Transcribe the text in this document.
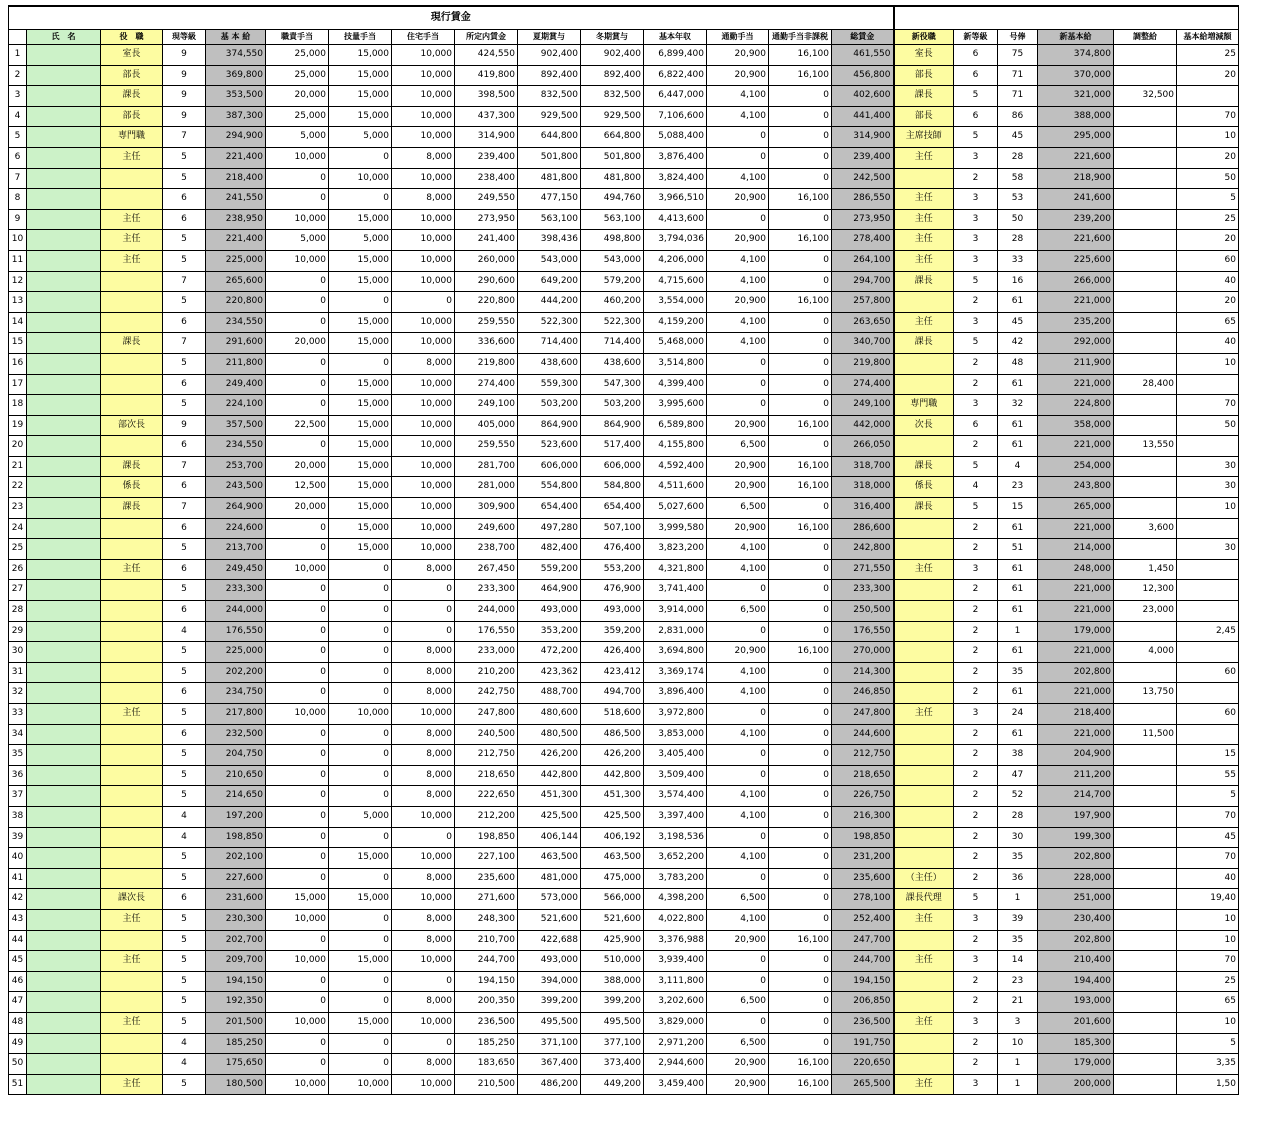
現行賃金																				
	氏　名	役　職	現等級	基 本 給	職責手当	技量手当	住宅手当	所定内賃金	夏期賞与	冬期賞与	基本年収	通勤手当	通勤手当非課税	総賃金	新役職	新等級	号俸	新基本給	調整給	基本給増減額
1		室長	9	374,550	25,000	15,000	10,000	424,550	902,400	902,400	6,899,400	20,900	16,100	461,550	室長	6	75	374,800		25
2		部長	9	369,800	25,000	15,000	10,000	419,800	892,400	892,400	6,822,400	20,900	16,100	456,800	部長	6	71	370,000		20
3		課長	9	353,500	20,000	15,000	10,000	398,500	832,500	832,500	6,447,000	4,100	0	402,600	課長	5	71	321,000	32,500	
4		部長	9	387,300	25,000	15,000	10,000	437,300	929,500	929,500	7,106,600	4,100	0	441,400	部長	6	86	388,000		70
5		専門職	7	294,900	5,000	5,000	10,000	314,900	644,800	664,800	5,088,400	0	0	314,900	主席技師	5	45	295,000		10
6		主任	5	221,400	10,000	0	8,000	239,400	501,800	501,800	3,876,400	0	0	239,400	主任	3	28	221,600		20
7			5	218,400	0	10,000	10,000	238,400	481,800	481,800	3,824,400	4,100	0	242,500		2	58	218,900		50
8			6	241,550	0	0	8,000	249,550	477,150	494,760	3,966,510	20,900	16,100	286,550	主任	3	53	241,600		5
9		主任	6	238,950	10,000	15,000	10,000	273,950	563,100	563,100	4,413,600	0	0	273,950	主任	3	50	239,200		25
10		主任	5	221,400	5,000	5,000	10,000	241,400	398,436	498,800	3,794,036	20,900	16,100	278,400	主任	3	28	221,600		20
11		主任	5	225,000	10,000	15,000	10,000	260,000	543,000	543,000	4,206,000	4,100	0	264,100	主任	3	33	225,600		60
12			7	265,600	0	15,000	10,000	290,600	649,200	579,200	4,715,600	4,100	0	294,700	課長	5	16	266,000		40
13			5	220,800	0	0	0	220,800	444,200	460,200	3,554,000	20,900	16,100	257,800		2	61	221,000		20
14			6	234,550	0	15,000	10,000	259,550	522,300	522,300	4,159,200	4,100	0	263,650	主任	3	45	235,200		65
15		課長	7	291,600	20,000	15,000	10,000	336,600	714,400	714,400	5,468,000	4,100	0	340,700	課長	5	42	292,000		40
16			5	211,800	0	0	8,000	219,800	438,600	438,600	3,514,800	0	0	219,800		2	48	211,900		10
17			6	249,400	0	15,000	10,000	274,400	559,300	547,300	4,399,400	0	0	274,400		2	61	221,000	28,400	
18			5	224,100	0	15,000	10,000	249,100	503,200	503,200	3,995,600	0	0	249,100	専門職	3	32	224,800		70
19		部次長	9	357,500	22,500	15,000	10,000	405,000	864,900	864,900	6,589,800	20,900	16,100	442,000	次長	6	61	358,000		50
20			6	234,550	0	15,000	10,000	259,550	523,600	517,400	4,155,800	6,500	0	266,050		2	61	221,000	13,550	
21		課長	7	253,700	20,000	15,000	10,000	281,700	606,000	606,000	4,592,400	20,900	16,100	318,700	課長	5	4	254,000		30
22		係長	6	243,500	12,500	15,000	10,000	281,000	554,800	584,800	4,511,600	20,900	16,100	318,000	係長	4	23	243,800		30
23		課長	7	264,900	20,000	15,000	10,000	309,900	654,400	654,400	5,027,600	6,500	0	316,400	課長	5	15	265,000		10
24			6	224,600	0	15,000	10,000	249,600	497,280	507,100	3,999,580	20,900	16,100	286,600		2	61	221,000	3,600	
25			5	213,700	0	15,000	10,000	238,700	482,400	476,400	3,823,200	4,100	0	242,800		2	51	214,000		30
26		主任	6	249,450	10,000	0	8,000	267,450	559,200	553,200	4,321,800	4,100	0	271,550	主任	3	61	248,000	1,450	
27			5	233,300	0	0	0	233,300	464,900	476,900	3,741,400	0	0	233,300		2	61	221,000	12,300	
28			6	244,000	0	0	0	244,000	493,000	493,000	3,914,000	6,500	0	250,500		2	61	221,000	23,000	
29			4	176,550	0	0	0	176,550	353,200	359,200	2,831,000	0	0	176,550		2	1	179,000		2,45
30			5	225,000	0	0	8,000	233,000	472,200	426,400	3,694,800	20,900	16,100	270,000		2	61	221,000	4,000	
31			5	202,200	0	0	8,000	210,200	423,362	423,412	3,369,174	4,100	0	214,300		2	35	202,800		60
32			6	234,750	0	0	8,000	242,750	488,700	494,700	3,896,400	4,100	0	246,850		2	61	221,000	13,750	
33		主任	5	217,800	10,000	10,000	10,000	247,800	480,600	518,600	3,972,800	0	0	247,800	主任	3	24	218,400		60
34			6	232,500	0	0	8,000	240,500	480,500	486,500	3,853,000	4,100	0	244,600		2	61	221,000	11,500	
35			5	204,750	0	0	8,000	212,750	426,200	426,200	3,405,400	0	0	212,750		2	38	204,900		15
36			5	210,650	0	0	8,000	218,650	442,800	442,800	3,509,400	0	0	218,650		2	47	211,200		55
37			5	214,650	0	0	8,000	222,650	451,300	451,300	3,574,400	4,100	0	226,750		2	52	214,700		5
38			4	197,200	0	5,000	10,000	212,200	425,500	425,500	3,397,400	4,100	0	216,300		2	28	197,900		70
39			4	198,850	0	0	0	198,850	406,144	406,192	3,198,536	0	0	198,850		2	30	199,300		45
40			5	202,100	0	15,000	10,000	227,100	463,500	463,500	3,652,200	4,100	0	231,200		2	35	202,800		70
41			5	227,600	0	0	8,000	235,600	481,000	475,000	3,783,200	0	0	235,600	（主任）	2	36	228,000		40
42		課次長	6	231,600	15,000	15,000	10,000	271,600	573,000	566,000	4,398,200	6,500	0	278,100	課長代理	5	1	251,000		19,40
43		主任	5	230,300	10,000	0	8,000	248,300	521,600	521,600	4,022,800	4,100	0	252,400	主任	3	39	230,400		10
44			5	202,700	0	0	8,000	210,700	422,688	425,900	3,376,988	20,900	16,100	247,700		2	35	202,800		10
45		主任	5	209,700	10,000	15,000	10,000	244,700	493,000	510,000	3,939,400	0	0	244,700	主任	3	14	210,400		70
46			5	194,150	0	0	0	194,150	394,000	388,000	3,111,800	0	0	194,150		2	23	194,400		25
47			5	192,350	0	0	8,000	200,350	399,200	399,200	3,202,600	6,500	0	206,850		2	21	193,000		65
48		主任	5	201,500	10,000	15,000	10,000	236,500	495,500	495,500	3,829,000	0	0	236,500	主任	3	3	201,600		10
49			4	185,250	0	0	0	185,250	371,100	377,100	2,971,200	6,500	0	191,750		2	10	185,300		5
50			4	175,650	0	0	8,000	183,650	367,400	373,400	2,944,600	20,900	16,100	220,650		2	1	179,000		3,35
51		主任	5	180,500	10,000	10,000	10,000	210,500	486,200	449,200	3,459,400	20,900	16,100	265,500	主任	3	1	200,000		1,50
